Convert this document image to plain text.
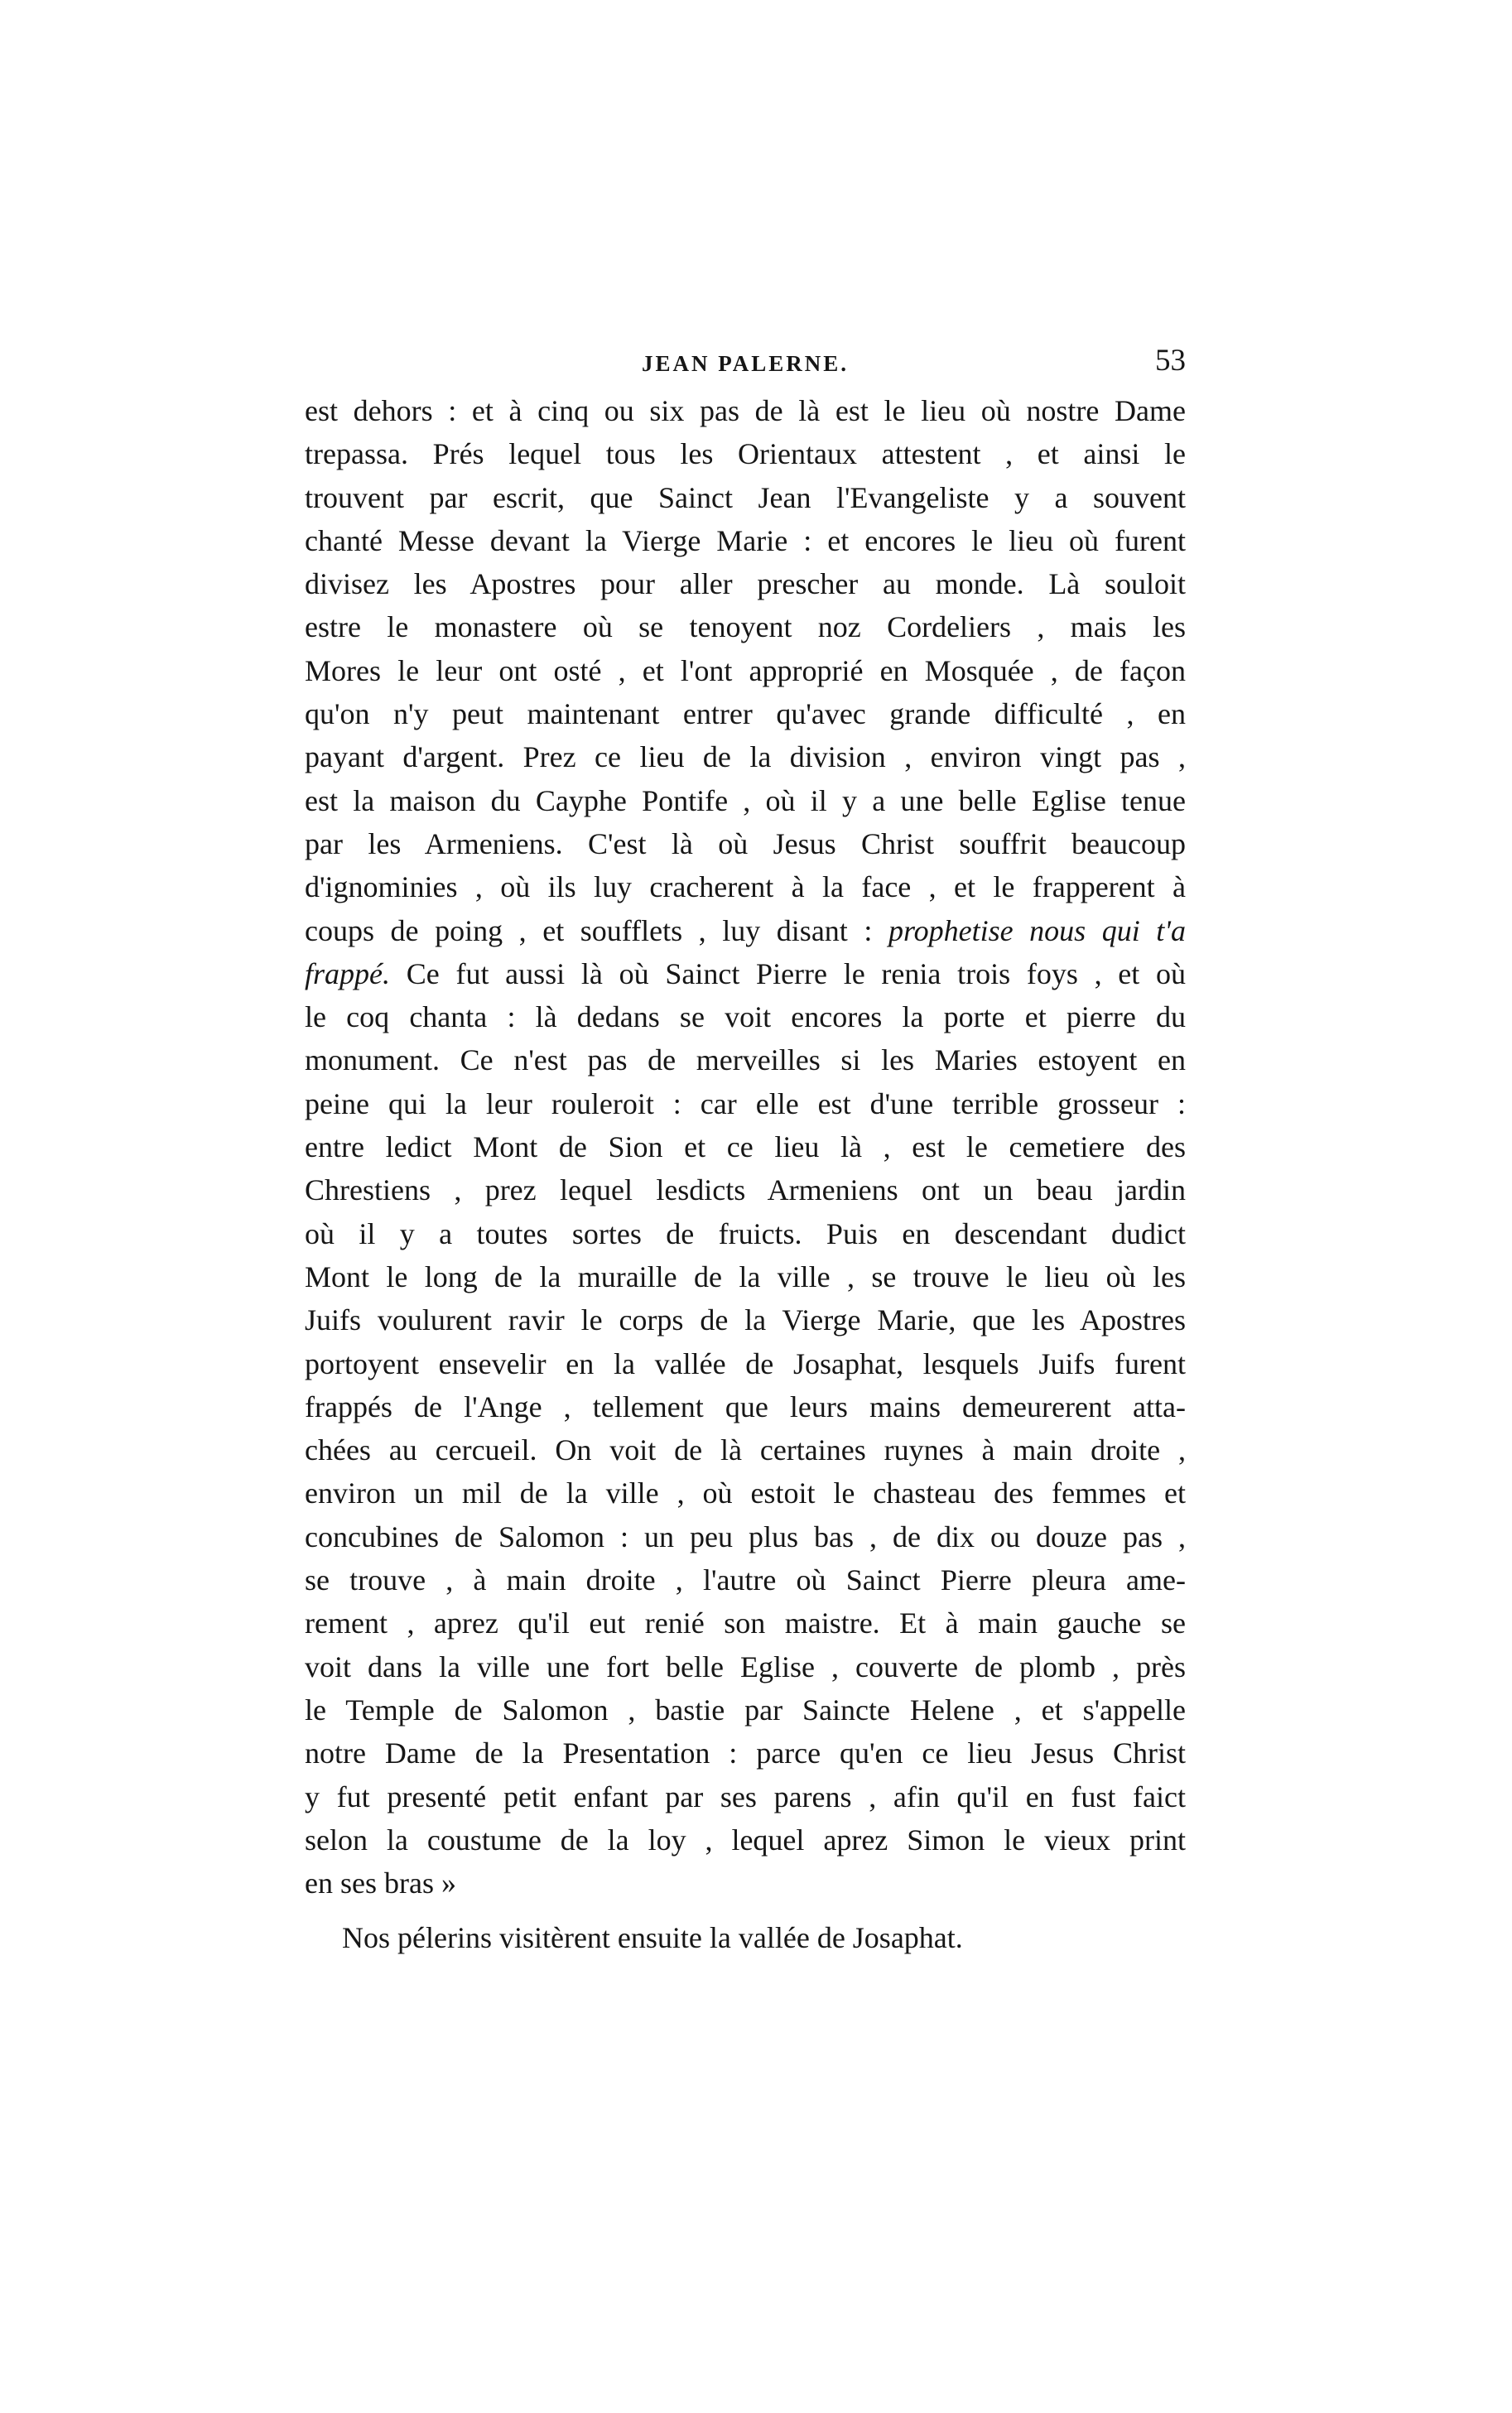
JEAN PALERNE.	53
est dehors : et à cinq ou six pas de là est le lieu où nostre Dame
trepassa. Prés lequel tous les Orientaux attestent , et ainsi le
trouvent par escrit, que Sainct Jean l'Evangeliste y a souvent
chanté Messe devant la Vierge Marie : et encores le lieu où furent
divisez les Apostres pour aller prescher au monde. Là souloit
estre le monastere où se tenoyent noz Cordeliers , mais les
Mores le leur ont osté , et l'ont approprié en Mosquée , de façon
qu'on n'y peut maintenant entrer qu'avec grande difficulté , en
payant d'argent. Prez ce lieu de la division , environ vingt pas ,
est la maison du Cayphe Pontife , où il y a une belle Eglise tenue
par les Armeniens. C'est là où Jesus Christ souffrit beaucoup
d'ignominies , où ils luy cracherent à la face , et le frapperent à
coups de poing , et soufflets , luy disant : prophetise nous qui t'a
frappé. Ce fut aussi là où Sainct Pierre le renia trois foys , et où
le coq chanta : là dedans se voit encores la porte et pierre du
monument. Ce n'est pas de merveilles si les Maries estoyent en
peine qui la leur rouleroit : car elle est d'une terrible grosseur :
entre ledict Mont de Sion et ce lieu là , est le cemetiere des
Chrestiens , prez lequel lesdicts Armeniens ont un beau jardin
où il y a toutes sortes de fruicts. Puis en descendant dudict
Mont le long de la muraille de la ville , se trouve le lieu où les
Juifs voulurent ravir le corps de la Vierge Marie, que les Apostres
portoyent ensevelir en la vallée de Josaphat, lesquels Juifs furent
frappés de l'Ange , tellement que leurs mains demeurerent atta-
chées au cercueil. On voit de là certaines ruynes à main droite ,
environ un mil de la ville , où estoit le chasteau des femmes et
concubines de Salomon : un peu plus bas , de dix ou douze pas ,
se trouve , à main droite , l'autre où Sainct Pierre pleura ame-
rement , aprez qu'il eut renié son maistre. Et à main gauche se
voit dans la ville une fort belle Eglise , couverte de plomb , près
le Temple de Salomon , bastie par Saincte Helene , et s'appelle
notre Dame de la Presentation : parce qu'en ce lieu Jesus Christ
y fut presenté petit enfant par ses parens , afin qu'il en fust faict
selon la coustume de la loy , lequel aprez Simon le vieux print
en ses bras »
Nos pélerins visitèrent ensuite la vallée de Josaphat.
